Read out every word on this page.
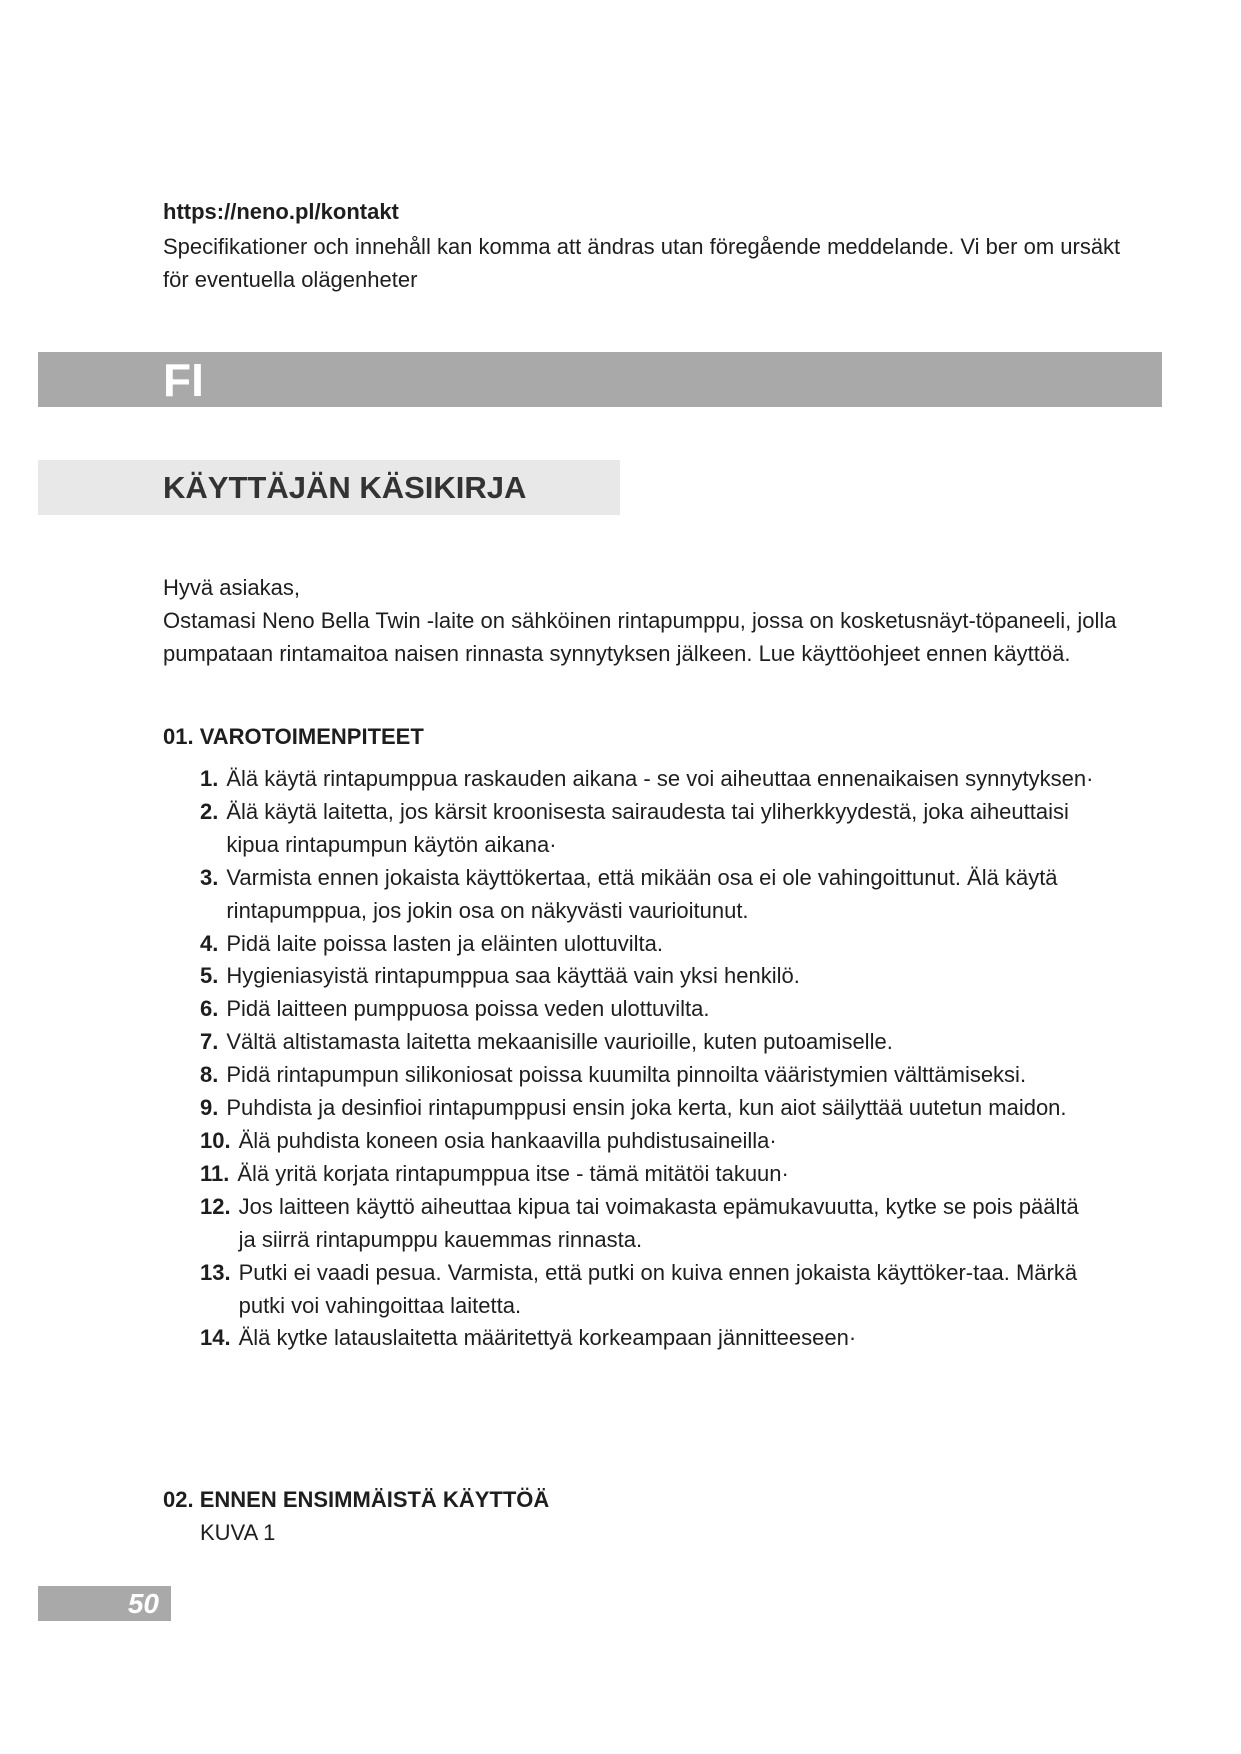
https://neno.pl/kontakt
Specifikationer och innehåll kan komma att ändras utan föregående meddelande. Vi ber om ursäkt för eventuella olägenheter
FI
KÄYTTÄJÄN KÄSIKIRJA

Hyvä asiakas,

Ostamasi Neno Bella Twin -laite on sähköinen rintapumppu, jossa on kosketusnäyt-töpaneeli, jolla pumpataan rintamaitoa naisen rinnasta synnytyksen jälkeen. Lue käyttöohjeet ennen käyttöä.

01. VAROTOIMENPITEET
1. Älä käytä rintapumppua raskauden aikana - se voi aiheuttaa ennenaikaisen synnytyksen·
2. Älä käytä laitetta, jos kärsit kroonisesta sairaudesta tai yliherkkyydestä, joka aiheuttaisi kipua rintapumpun käytön aikana·
3. Varmista ennen jokaista käyttökertaa, että mikään osa ei ole vahingoittunut. Älä käytä rintapumppua, jos jokin osa on näkyvästi vaurioitunut.
4. Pidä laite poissa lasten ja eläinten ulottuvilta.
5. Hygieniasyistä rintapumppua saa käyttää vain yksi henkilö.
6. Pidä laitteen pumppuosa poissa veden ulottuvilta.
7. Vältä altistamasta laitetta mekaanisille vaurioille, kuten putoamiselle.
8. Pidä rintapumpun silikoniosat poissa kuumilta pinnoilta vääristymien välttämiseksi.
9. Puhdista ja desinfioi rintapumppusi ensin joka kerta, kun aiot säilyttää uutetun maidon.
10. Älä puhdista koneen osia hankaavilla puhdistusaineilla·
11. Älä yritä korjata rintapumppua itse - tämä mitätöi takuun·
12. Jos laitteen käyttö aiheuttaa kipua tai voimakasta epämukavuutta, kytke se pois päältä ja siirrä rintapumppu kauemmas rinnasta.
13. Putki ei vaadi pesua. Varmista, että putki on kuiva ennen jokaista käyttöker-taa. Märkä putki voi vahingoittaa laitetta.
14. Älä kytke latauslaitetta määritettyä korkeampaan jännitteeseen·
02. ENNEN ENSIMMÄISTÄ KÄYTTÖÄ
KUVA 1
50
